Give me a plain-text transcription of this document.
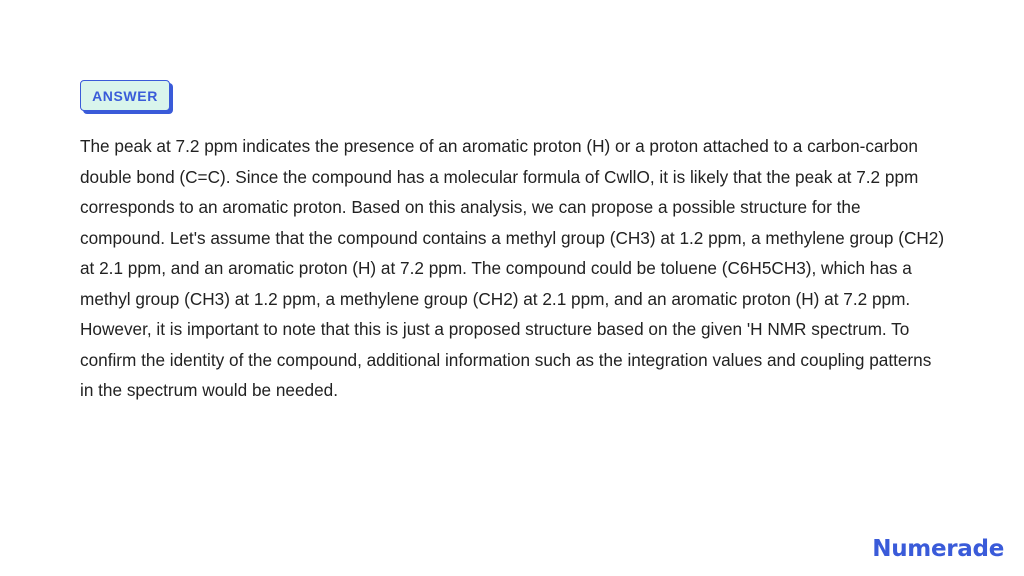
ANSWER

The peak at 7.2 ppm indicates the presence of an aromatic proton (H) or a proton attached to a carbon-carbon double bond (C=C). Since the compound has a molecular formula of CwllO, it is likely that the peak at 7.2 ppm corresponds to an aromatic proton. Based on this analysis, we can propose a possible structure for the compound. Let's assume that the compound contains a methyl group (CH3) at 1.2 ppm, a methylene group (CH2) at 2.1 ppm, and an aromatic proton (H) at 7.2 ppm. The compound could be toluene (C6H5CH3), which has a methyl group (CH3) at 1.2 ppm, a methylene group (CH2) at 2.1 ppm, and an aromatic proton (H) at 7.2 ppm. However, it is important to note that this is just a proposed structure based on the given 'H NMR spectrum. To confirm the identity of the compound, additional information such as the integration values and coupling patterns in the spectrum would be needed.

Numerade
